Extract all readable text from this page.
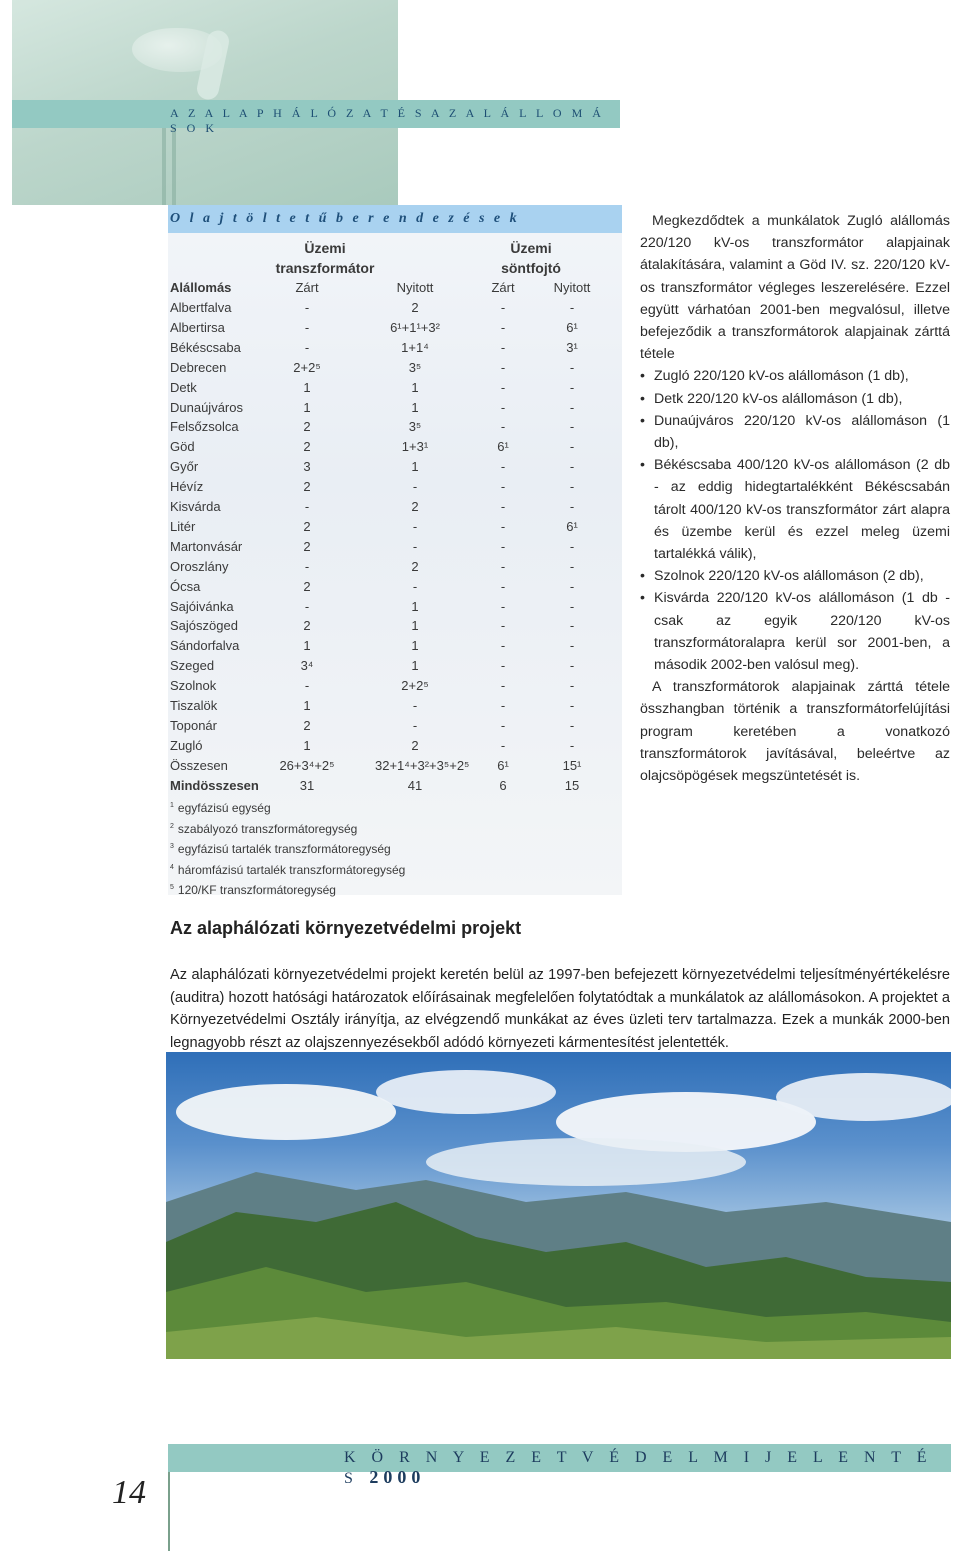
A Z A L A P H Á L Ó Z A T É S A Z A L Á L L O M Á S O K
O l a j t ö l t e t ű b e r e n d e z é s e k
Üzemi
transzformátor
Üzemi
söntfojtó
Alállomás	Zárt	Nyitott	Zárt	Nyitott
Albertfalva	-	2	-	-
Albertirsa	-	6¹+1¹+3²	-	6¹
Békéscsaba	-	1+1⁴	-	3¹
Debrecen	2+2⁵	3⁵	-	-
Detk	1	1	-	-
Dunaújváros	1	1	-	-
Felsőzsolca	2	3⁵	-	-
Göd	2	1+3¹	6¹	-
Győr	3	1	-	-
Hévíz	2	-	-	-
Kisvárda	-	2	-	-
Litér	2	-	-	6¹
Martonvásár	2	-	-	-
Oroszlány	-	2	-	-
Ócsa	2	-	-	-
Sajóivánka	-	1	-	-
Sajószöged	2	1	-	-
Sándorfalva	1	1	-	-
Szeged	3⁴	1	-	-
Szolnok	-	2+2⁵	-	-
Tiszalök	1	-	-	-
Toponár	2	-	-	-
Zugló	1	2	-	-
Összesen	26+3⁴+2⁵	32+1⁴+3²+3⁵+2⁵	6¹	15¹
Mindösszesen	31	41	6	15
$^1$ egyfázisú egység
$^2$ szabályozó transzformátoregység
$^3$ egyfázisú tartalék transzformátoregység
$^4$ háromfázisú tartalék transzformátoregység
$^5$ 120/KF transzformátoregység

Megkezdődtek a munkálatok Zugló alállomás 220/120 kV-os transzformátor alapjainak átalakítására, valamint a Göd IV. sz. 220/120 kV-os transzformátor végleges leszerelésére. Ezzel együtt várhatóan 2001-ben megvalósul, illetve befejeződik a transzformátorok alapjainak zárttá tétele

• Zugló 220/120 kV-os alállomáson (1 db),
• Detk 220/120 kV-os alállomáson (1 db),
• Dunaújváros 220/120 kV-os alállomáson (1 db),
• Békéscsaba 400/120 kV-os alállomáson (2 db - az eddig hidegtartalékként Békéscsabán tárolt 400/120 kV-os transzformátor zárt alapra és üzembe kerül és ezzel meleg üzemi tartalékká válik),
• Szolnok 220/120 kV-os alállomáson (2 db),
• Kisvárda 220/120 kV-os alállomáson (1 db - csak az egyik 220/120 kV-os transzformátoralapra kerül sor 2001-ben, a második 2002-ben valósul meg).

A transzformátorok alapjainak zárttá tétele összhangban történik a transzformátorfelújítási program keretében a vonatkozó transzformátorok javításával, beleértve az olajcsöpögések megszüntetését is.

Az alaphálózati környezetvédelmi projekt
Az alaphálózati környezetvédelmi projekt keretén belül az 1997-ben befejezett környezetvédelmi teljesítményértékelésre (auditra) hozott hatósági határozatok előírásainak megfelelően folytatódtak a munkálatok az alállomásokon. A projektet a Környezetvédelmi Osztály irányítja, az elvégzendő munkákat az éves üzleti terv tartalmazza. Ezek a munkák 2000-ben legnagyobb részt az olajszennyezésekből adódó környezeti kármentesítést jelentették.
K Ö R N Y E Z E T V É D E L M I J E L E N T É S 2000
14
